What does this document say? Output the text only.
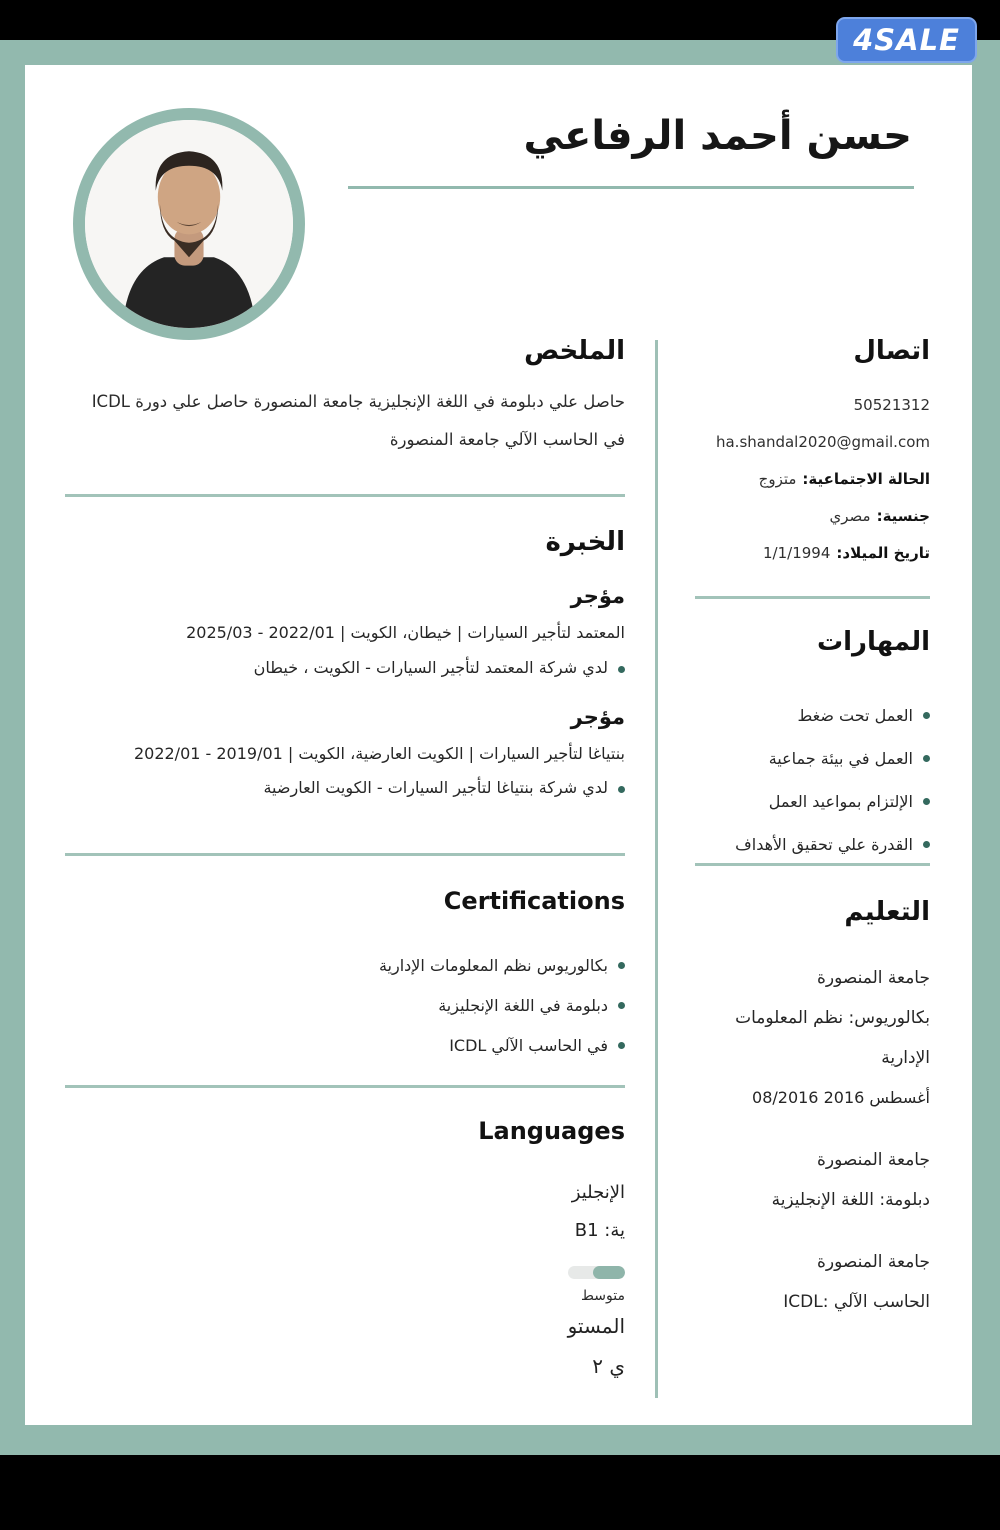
4SALE
حسن أحمد الرفاعي
الملخص
حاصل علي دبلومة في اللغة الإنجليزية جامعة المنصورة حاصل علي دورة ICDL في الحاسب الآلي جامعة المنصورة
الخبرة
مؤجر
المعتمد لتأجير السيارات | خيطان، الكويت | 2022/01 ‏- 2025/03
لدي شركة المعتمد لتأجير السيارات - الكويت ، خيطان
مؤجر
بنتياغا لتأجير السيارات | الكويت العارضية، الكويت | 2019/01 ‏- 2022/01
لدي شركة بنتياغا لتأجير السيارات - الكويت العارضية
Certifications
بكالوريوس نظم المعلومات الإدارية
دبلومة في اللغة الإنجليزية
ICDL في الحاسب الآلي
Languages
الإنجليز
ية: B1
متوسط
المستو
ي ٢
اتصال
50521312
ha.shandal2020@gmail.com
الحالة الاجتماعية:متزوج
جنسية:مصري
تاريخ الميلاد:1/1/1994
المهارات
العمل تحت ضغط
العمل في بيئة جماعية
الإلتزام بمواعيد العمل
القدرة علي تحقيق الأهداف
التعليم
جامعة المنصورة
بكالوريوس: نظم المعلومات الإدارية
أغسطس 2016 ‏08/2016
جامعة المنصورة
دبلومة: اللغة الإنجليزية
جامعة المنصورة
ICDL: الحاسب الآلي
